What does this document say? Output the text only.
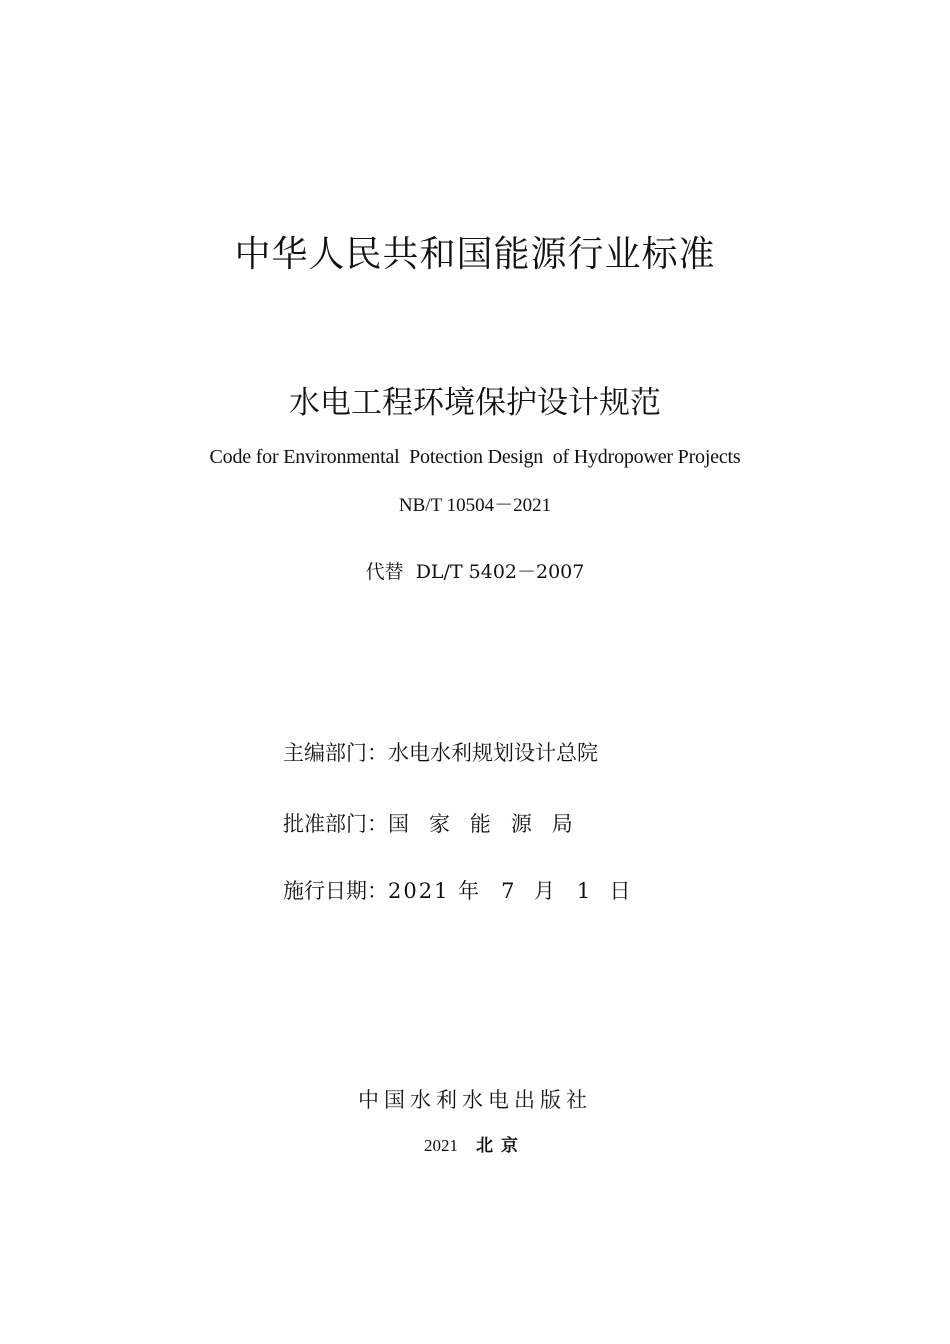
中华人民共和国能源行业标准
水电工程环境保护设计规范
Code for Environmental  Potection Design  of Hydropower Projects
NB/T 10504－2021
代替  DL/T 5402－2007
主编部门：水电水利规划设计总院
批准部门：国家能源局
施行日期：2021 年 7  月 1  日
中国水利水电出版社
2021 北京
